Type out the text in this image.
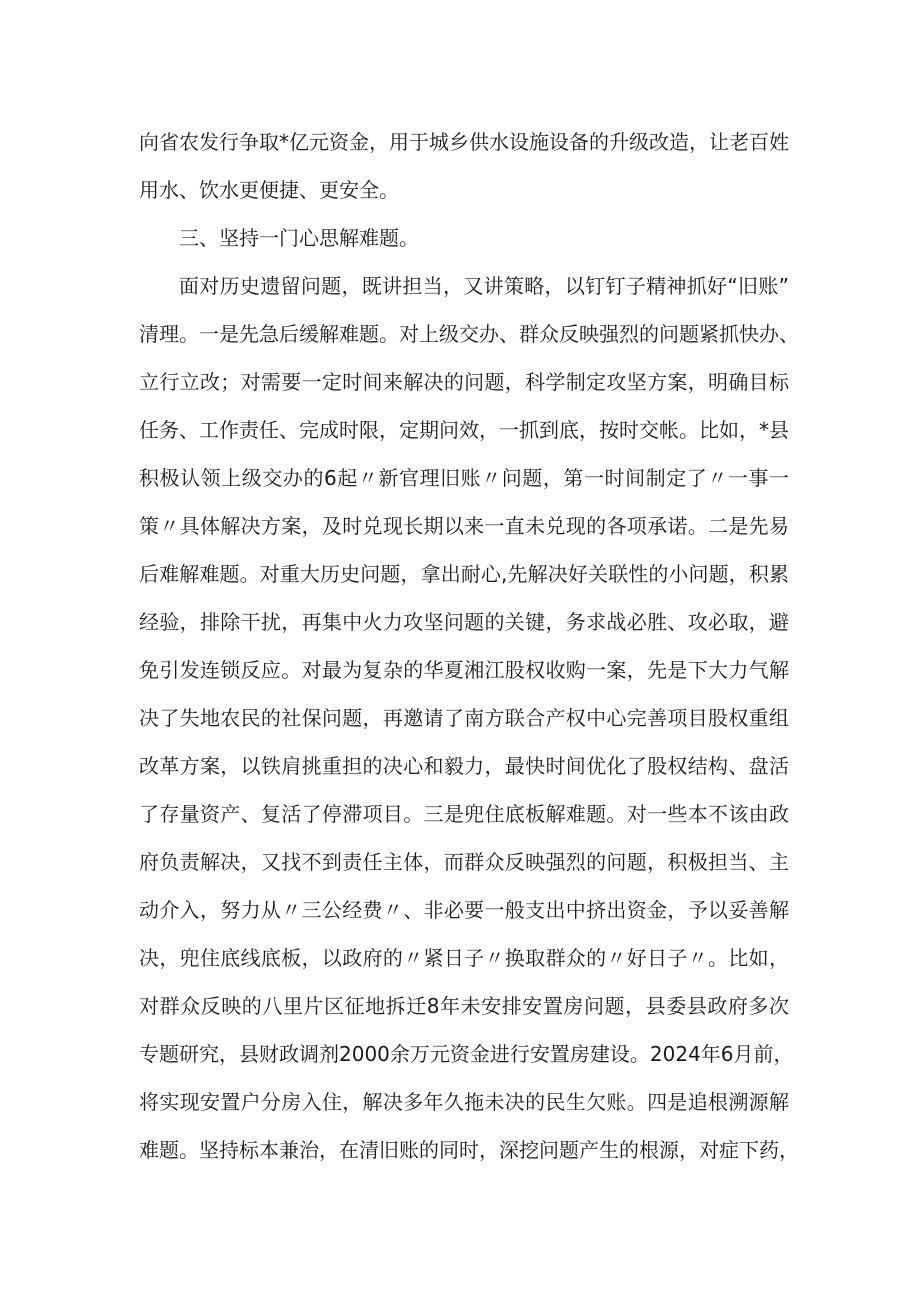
向省农发行争取*亿元资金，用于城乡供水设施设备的升级改造，让老百姓
用水、饮水更便捷、更安全。
三、坚持一门心思解难题。
面对历史遗留问题，既讲担当，又讲策略，以钉钉子精神抓好“旧账”
清理。一是先急后缓解难题。对上级交办、群众反映强烈的问题紧抓快办、
立行立改；对需要一定时间来解决的问题，科学制定攻坚方案，明确目标
任务、工作责任、完成时限，定期问效，一抓到底，按时交帐。比如，*县
积极认领上级交办的6起〃新官理旧账〃问题，第一时间制定了〃一事一
策〃具体解决方案，及时兑现长期以来一直未兑现的各项承诺。二是先易
后难解难题。对重大历史问题，拿出耐心,先解决好关联性的小问题，积累
经验，排除干扰，再集中火力攻坚问题的关键，务求战必胜、攻必取，避
免引发连锁反应。对最为复杂的华夏湘江股权收购一案，先是下大力气解
决了失地农民的社保问题，再邀请了南方联合产权中心完善项目股权重组
改革方案，以铁肩挑重担的决心和毅力，最快时间优化了股权结构、盘活
了存量资产、复活了停滞项目。三是兜住底板解难题。对一些本不该由政
府负责解决，又找不到责任主体，而群众反映强烈的问题，积极担当、主
动介入，努力从〃三公经费〃、非必要一般支出中挤出资金，予以妥善解
决，兜住底线底板，以政府的〃紧日子〃换取群众的〃好日子〃。比如，
对群众反映的八里片区征地拆迁8年未安排安置房问题，县委县政府多次
专题研究，县财政调剂2000余万元资金进行安置房建设。2024年6月前，
将实现安置户分房入住，解决多年久拖未决的民生欠账。四是追根溯源解
难题。坚持标本兼治，在清旧账的同时，深挖问题产生的根源，对症下药，
